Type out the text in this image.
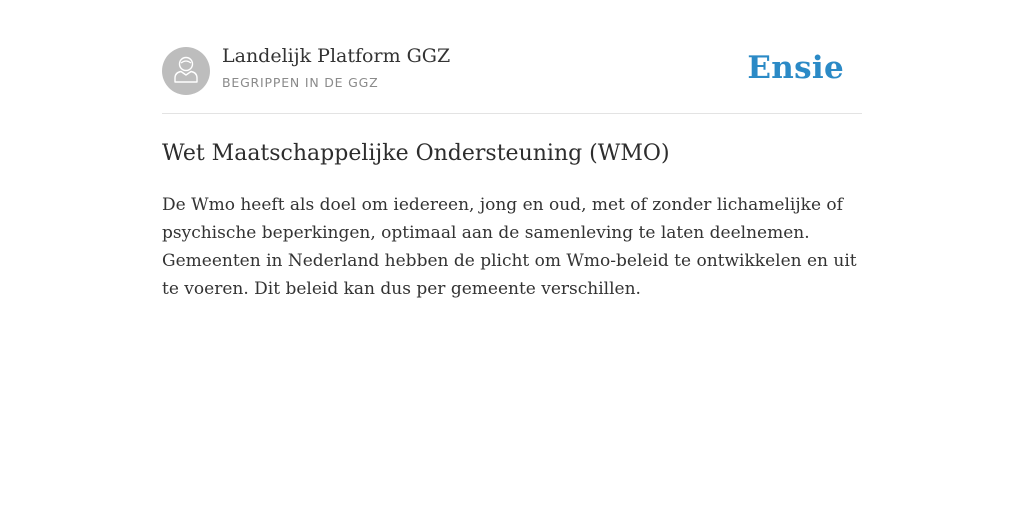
Landelijk Platform GGZ
BEGRIPPEN IN DE GGZ	Ensie
Wet Maatschappelijke Ondersteuning (WMO)

De Wmo heeft als doel om iedereen, jong en oud, met of zonder lichamelijke of psychische beperkingen, optimaal aan de samenleving te laten deelnemen. Gemeenten in Nederland hebben de plicht om Wmo-beleid te ontwikkelen en uit te voeren. Dit beleid kan dus per gemeente verschillen.
